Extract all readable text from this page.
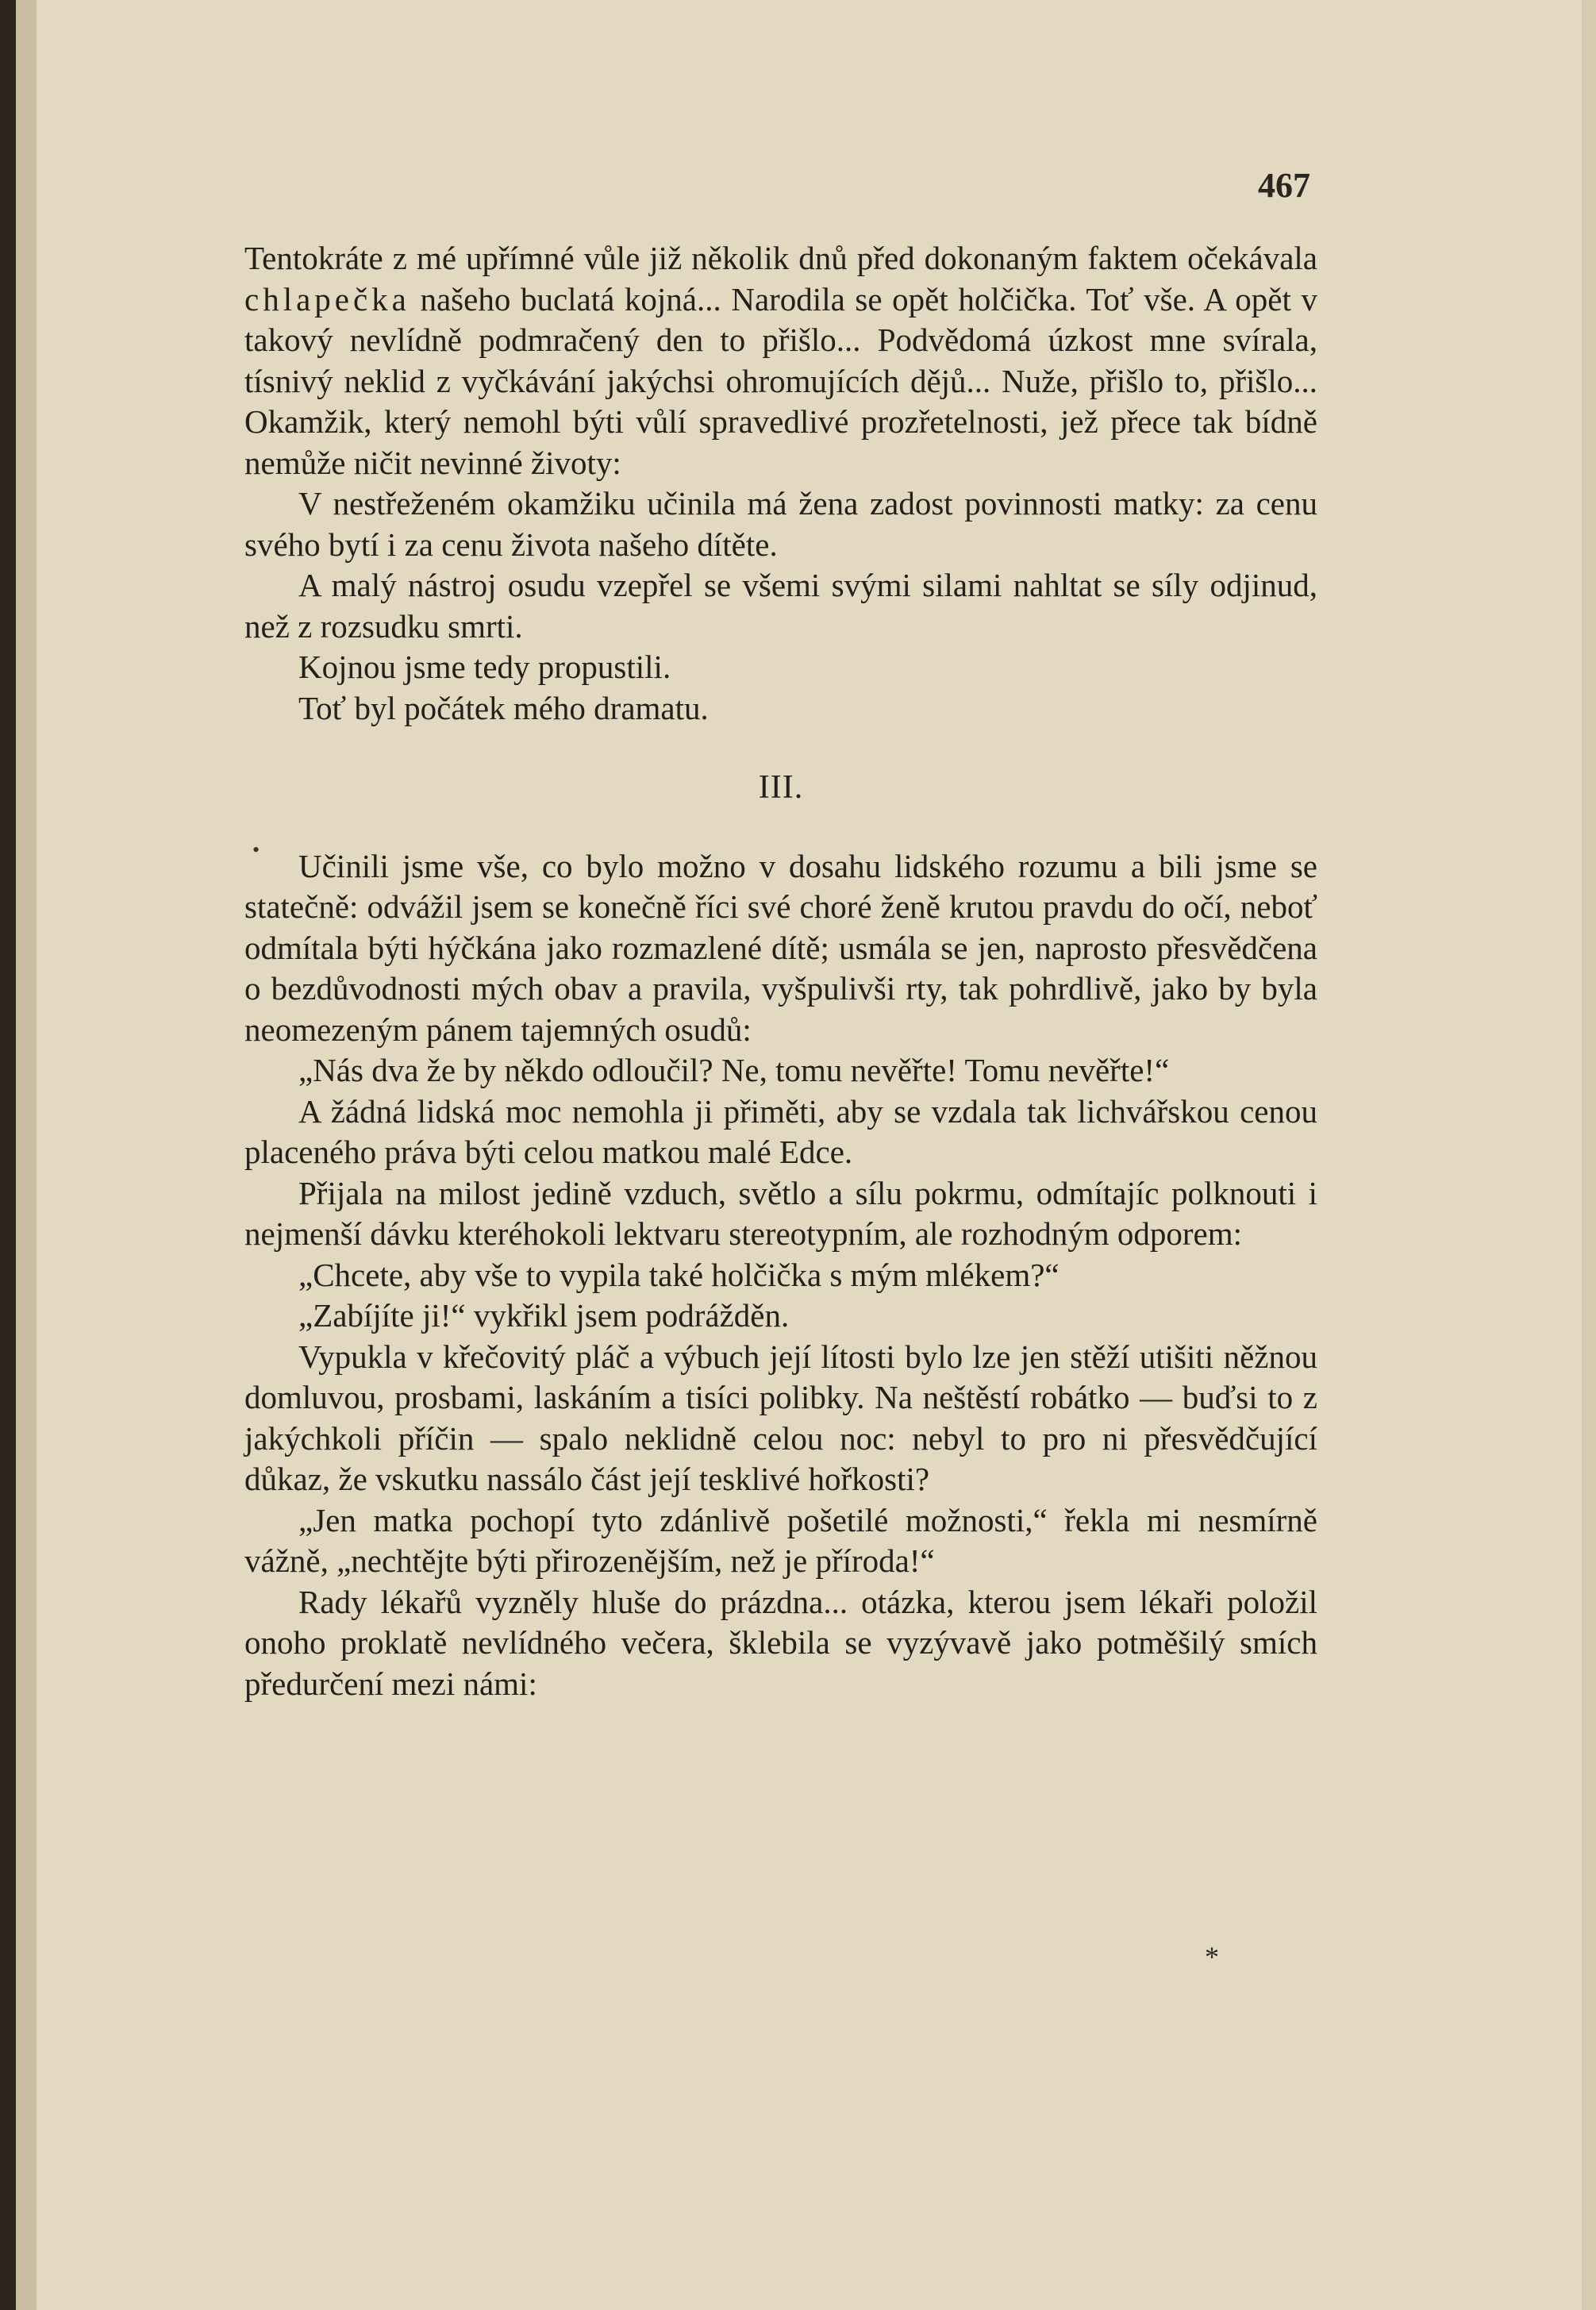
467
•

Tentokráte z mé upřímné vůle již několik dnů před dokonaným faktem očekávala chlapečka našeho buclatá kojná... Narodila se opět holčička. Toť vše. A opět v takový nevlídně podmračený den to přišlo... Podvědomá úzkost mne svírala, tísnivý neklid z vyčkávání jakýchsi ohromujících dějů... Nuže, přišlo to, přišlo... Okamžik, který nemohl býti vůlí spravedlivé prozřetelnosti, jež přece tak bídně nemůže ničit nevinné životy:

V nestřeženém okamžiku učinila má žena zadost povinnosti matky: za cenu svého bytí i za cenu života našeho dítěte.

A malý nástroj osudu vzepřel se všemi svými silami nahltat se síly odjinud, než z rozsudku smrti.

Kojnou jsme tedy propustili.

Toť byl počátek mého dramatu.

III.

Učinili jsme vše, co bylo možno v dosahu lidského rozumu a bili jsme se statečně: odvážil jsem se konečně říci své choré ženě krutou pravdu do očí, neboť odmítala býti hýčkána jako rozmazlené dítě; usmála se jen, naprosto přesvědčena o bezdůvodnosti mých obav a pravila, vyšpulivši rty, tak pohrdlivě, jako by byla neomezeným pánem tajemných osudů:

„Nás dva že by někdo odloučil? Ne, tomu nevěřte! Tomu nevěřte!“

A žádná lidská moc nemohla ji přiměti, aby se vzdala tak lichvářskou cenou placeného práva býti celou matkou malé Edce.

Přijala na milost jedině vzduch, světlo a sílu pokrmu, odmítajíc polknouti i nejmenší dávku kteréhokoli lektvaru stereotypním, ale rozhodným odporem:

„Chcete, aby vše to vypila také holčička s mým mlékem?“

„Zabíjíte ji!“ vykřikl jsem podrážděn.

Vypukla v křečovitý pláč a výbuch její lítosti bylo lze jen stěží utišiti něžnou domluvou, prosbami, laskáním a tisíci polibky. Na neštěstí robátko — buďsi to z jakýchkoli příčin — spalo neklidně celou noc: nebyl to pro ni přesvědčující důkaz, že vskutku nassálo část její tesklivé hořkosti?

„Jen matka pochopí tyto zdánlivě pošetilé možnosti,“ řekla mi nesmírně vážně, „nechtějte býti přirozenějším, než je příroda!“

Rady lékařů vyzněly hluše do prázdna... otázka, kterou jsem lékaři položil onoho proklatě nevlídného večera, šklebila se vyzývavě jako potměšilý smích předurčení mezi námi:

*
